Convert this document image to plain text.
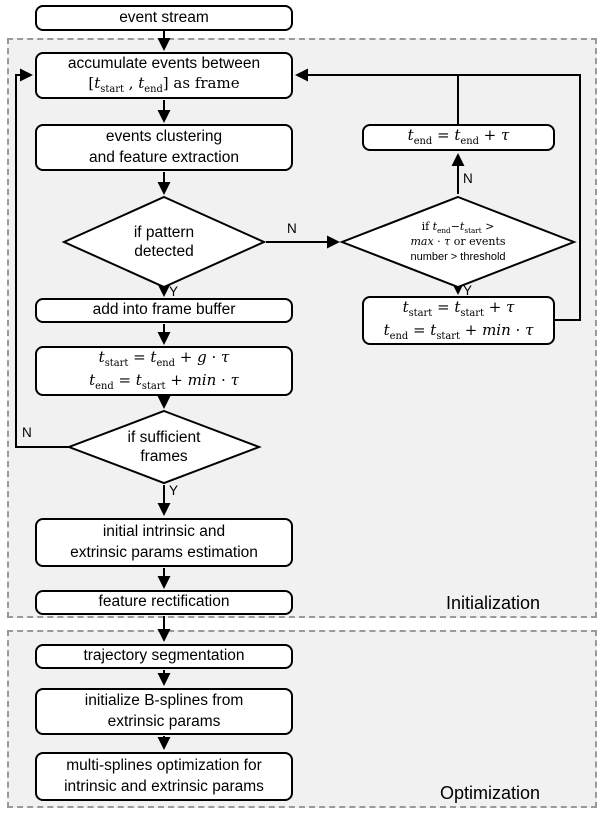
Initialization
Optimization
event stream
accumulate events between
[$t_{start}$ , $t_{end}$] as frame
events clustering
and feature extraction
add into frame buffer
$t_{start} = t_{end} + g \cdot \tau$
$t_{end} = t_{start} + \min \cdot \tau$
initial intrinsic and
extrinsic params estimation
feature rectification
trajectory segmentation
initialize B-splines from
extrinsic params
multi-splines optimization for
intrinsic and extrinsic params
$t_{end} = t_{end} + \tau$
$t_{start} = t_{start} + \tau$
$t_{end} = t_{start} + \min \cdot \tau$
if pattern
detected
if $t_{end}-t_{start}$ >
max · τ or events
number > threshold
if sufficient
frames
Y
N
N
Y
Y
N
